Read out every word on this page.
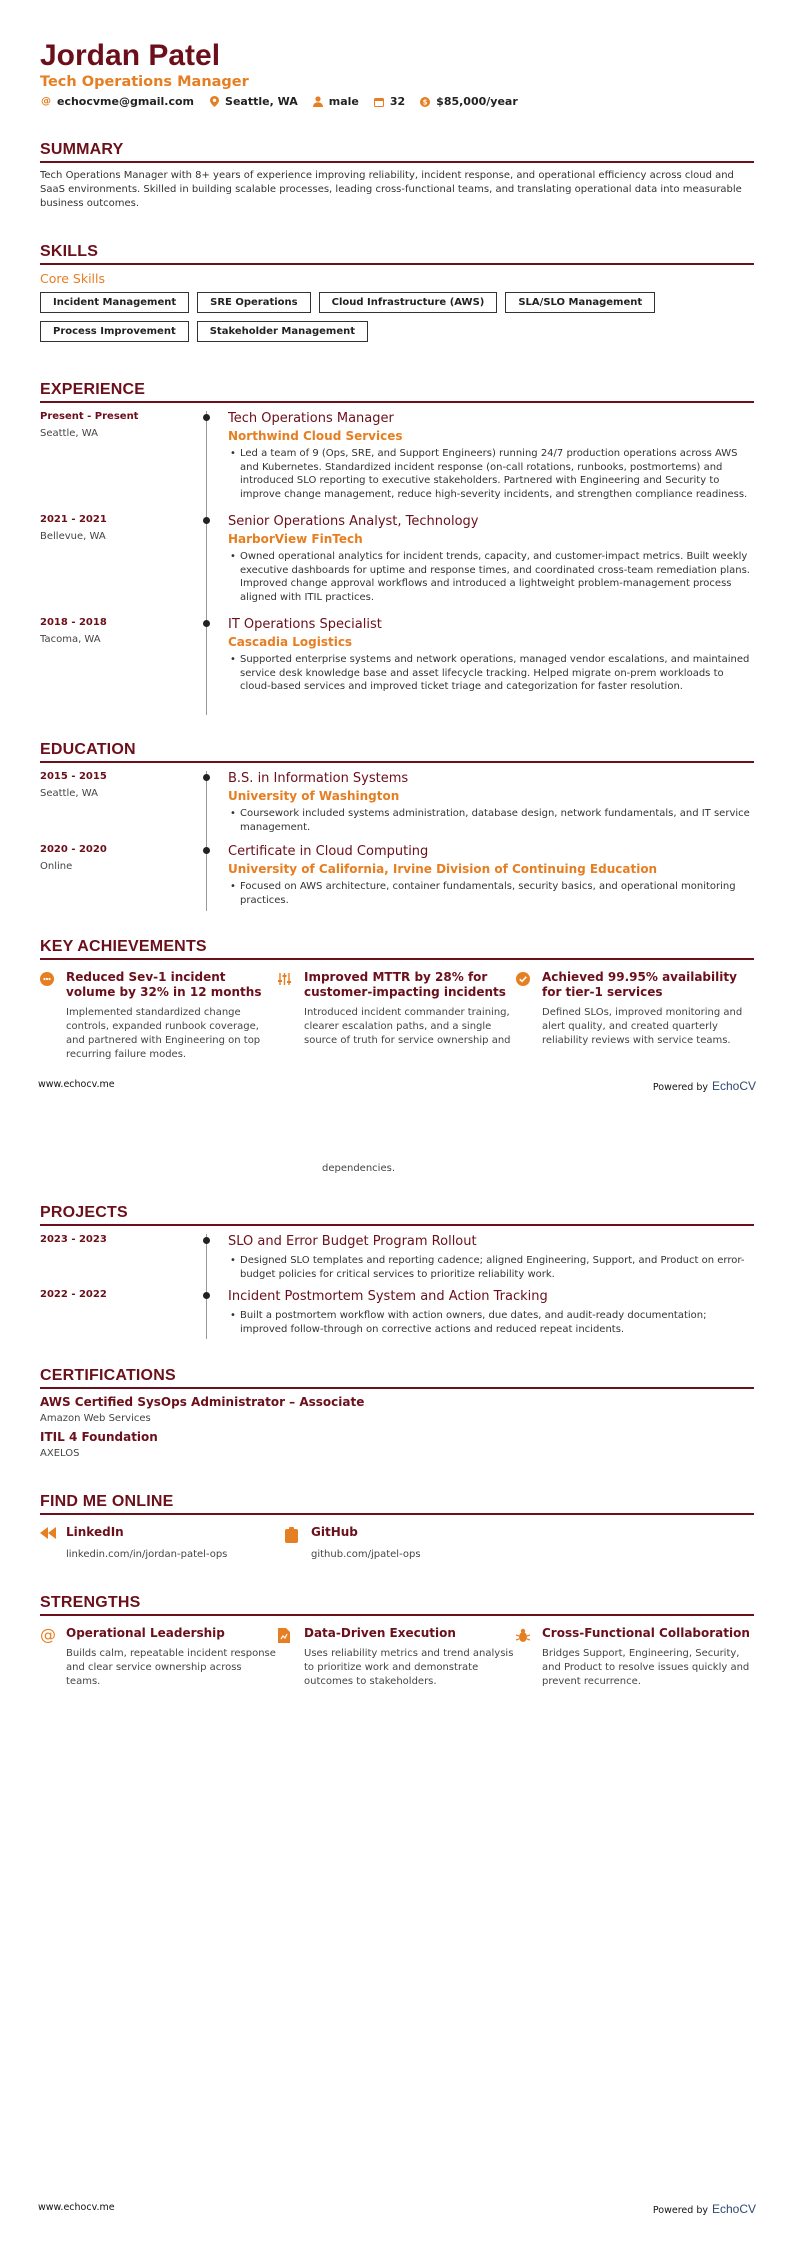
Jordan Patel
Tech Operations Manager
@ echocvme@gmail.com	Seattle, WA	male	32	$ $85,000/year
SUMMARY
Tech Operations Manager with 8+ years of experience improving reliability, incident response, and operational efficiency across cloud and SaaS environments. Skilled in building scalable processes, leading cross-functional teams, and translating operational data into measurable business outcomes.
SKILLS
Core Skills
Incident Management	SRE Operations	Cloud Infrastructure (AWS)	SLA/SLO Management
Process Improvement	Stakeholder Management
EXPERIENCE
Present - Present
Seattle, WA
Tech Operations Manager
Northwind Cloud Services
• Led a team of 9 (Ops, SRE, and Support Engineers) running 24/7 production operations across AWS and Kubernetes. Standardized incident response (on-call rotations, runbooks, postmortems) and introduced SLO reporting to executive stakeholders. Partnered with Engineering and Security to improve change management, reduce high-severity incidents, and strengthen compliance readiness.
2021 - 2021
Bellevue, WA
Senior Operations Analyst, Technology
HarborView FinTech
• Owned operational analytics for incident trends, capacity, and customer-impact metrics. Built weekly executive dashboards for uptime and response times, and coordinated cross-team remediation plans. Improved change approval workflows and introduced a lightweight problem-management process aligned with ITIL practices.
2018 - 2018
Tacoma, WA
IT Operations Specialist
Cascadia Logistics
• Supported enterprise systems and network operations, managed vendor escalations, and maintained service desk knowledge base and asset lifecycle tracking. Helped migrate on-prem workloads to cloud-based services and improved ticket triage and categorization for faster resolution.
EDUCATION
2015 - 2015
Seattle, WA
B.S. in Information Systems
University of Washington
• Coursework included systems administration, database design, network fundamentals, and IT service management.
2020 - 2020
Online
Certificate in Cloud Computing
University of California, Irvine Division of Continuing Education
• Focused on AWS architecture, container fundamentals, security basics, and operational monitoring practices.
KEY ACHIEVEMENTS
Reduced Sev-1 incident volume by 32% in 12 months
Implemented standardized change controls, expanded runbook coverage, and partnered with Engineering on top recurring failure modes.
Improved MTTR by 28% for customer-impacting incidents
Introduced incident commander training, clearer escalation paths, and a single source of truth for service ownership and
Achieved 99.95% availability for tier-1 services
Defined SLOs, improved monitoring and alert quality, and created quarterly reliability reviews with service teams.
www.echocv.me	Powered by EchoCV
dependencies.
PROJECTS
2023 - 2023	SLO and Error Budget Program Rollout
• Designed SLO templates and reporting cadence; aligned Engineering, Support, and Product on error-budget policies for critical services to prioritize reliability work.
2022 - 2022	Incident Postmortem System and Action Tracking
• Built a postmortem workflow with action owners, due dates, and audit-ready documentation; improved follow-through on corrective actions and reduced repeat incidents.
CERTIFICATIONS
AWS Certified SysOps Administrator – Associate
Amazon Web Services
ITIL 4 Foundation
AXELOS
FIND ME ONLINE
LinkedIn
linkedin.com/in/jordan-patel-ops
GitHub
github.com/jpatel-ops
STRENGTHS
@ Operational Leadership
Builds calm, repeatable incident response and clear service ownership across teams.
Data-Driven Execution
Uses reliability metrics and trend analysis to prioritize work and demonstrate outcomes to stakeholders.
Cross-Functional Collaboration
Bridges Support, Engineering, Security, and Product to resolve issues quickly and prevent recurrence.
www.echocv.me	Powered by EchoCV
